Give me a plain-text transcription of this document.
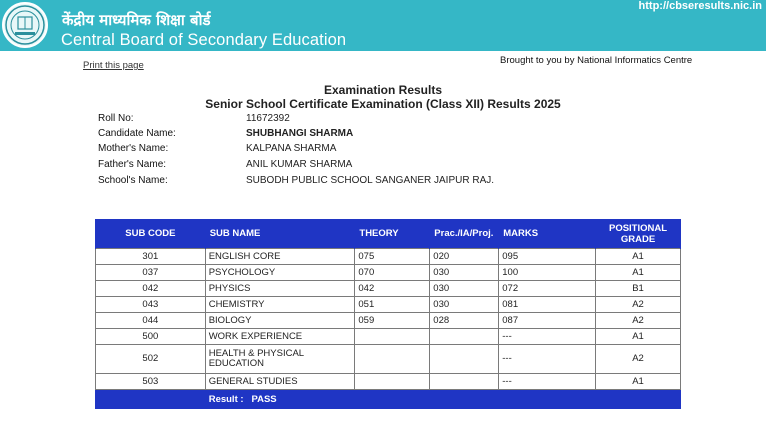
केंद्रीय माध्यमिक शिक्षा बोर्ड
Central Board of Secondary Education
http://cbseresults.nic.in
Print this page	Brought to you by National Informatics Centre
Examination Results
Senior School Certificate Examination (Class XII) Results 2025
Roll No:	11672392
Candidate Name:	SHUBHANGI SHARMA
Mother's Name:	KALPANA SHARMA
Father's Name:	ANIL KUMAR SHARMA
School's Name:	SUBODH PUBLIC SCHOOL SANGANER JAIPUR RAJ.
SUB CODE	SUB NAME	THEORY	Prac./IA/Proj.	MARKS	POSITIONAL GRADE
301	ENGLISH CORE	075	020	095	A1
037	PSYCHOLOGY	070	030	100	A1
042	PHYSICS	042	030	072	B1
043	CHEMISTRY	051	030	081	A2
044	BIOLOGY	059	028	087	A2
500	WORK EXPERIENCE			---	A1
502	HEALTH & PHYSICAL EDUCATION			---	A2
503	GENERAL STUDIES			---	A1
	Result : PASS				
